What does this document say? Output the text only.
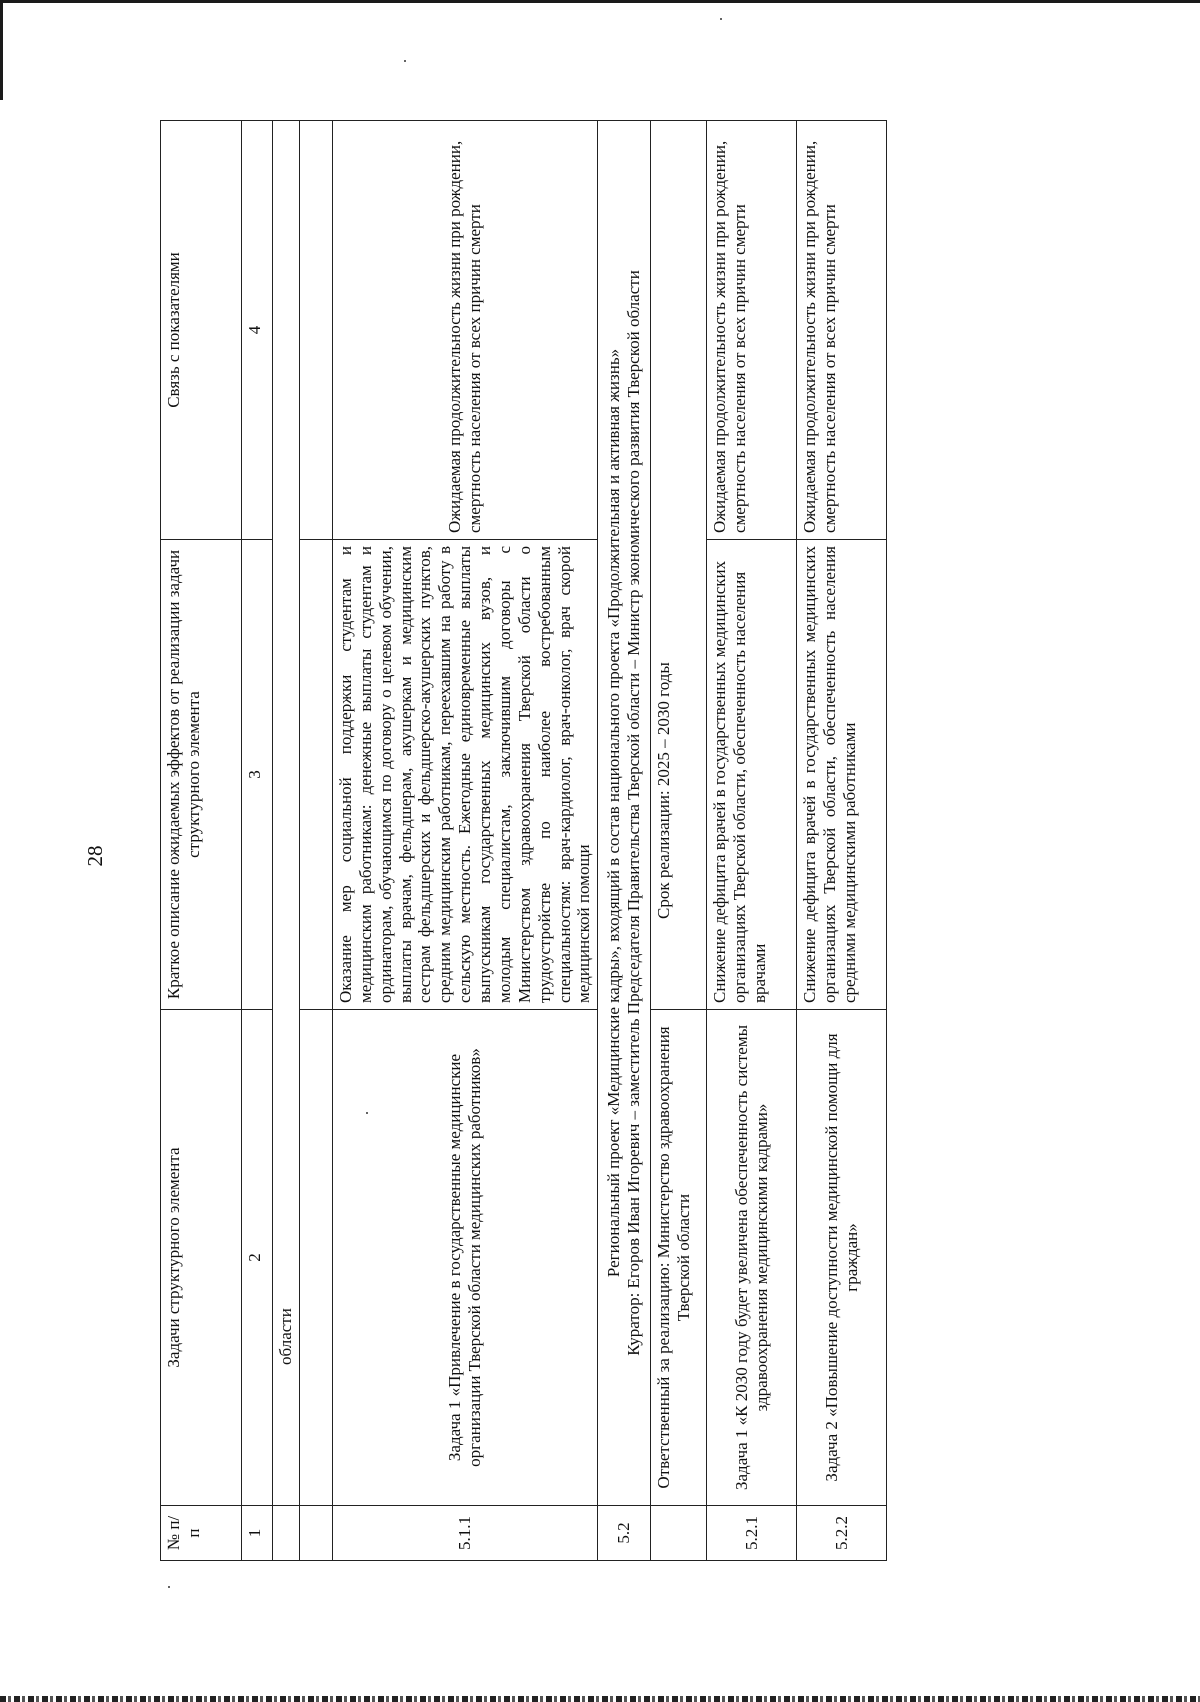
28
№ п/п	Задачи структурного элемента	Краткое описание ожидаемых эффектов от реализации задачи структурного элемента	Связь с показателями
1	2	3	4
	области		

5.1.1	Задача 1 «Привлечение в государственные медицинские организации Тверской области медицинских работников»	Оказание мер социальной поддержки студентам и медицинским работникам: денежные выплаты студентам и ординаторам, обучающимся по договору о целевом обучении, выплаты врачам, фельдшерам, акушеркам и медицинским сестрам фельдшерских и фельдшерско-акушерских пунктов, средним медицинским работникам, переехавшим на работу в сельскую местность. Ежегодные единовременные выплаты выпускникам государственных медицинских вузов, и молодым специалистам, заключившим договоры с Министерством здравоохранения Тверской области о трудоустройстве по наиболее востребованным специальностям: врач-кардиолог, врач-онколог, врач скорой медицинской помощи	Ожидаемая продолжительность жизни при рождении, смертность населения от всех причин смерти
5.2	Региональный проект «Медицинские кадры», входящий в состав национального проекта «Продолжительная и активная жизнь» Куратор: Егоров Иван Игоревич – заместитель Председателя Правительства Тверской области – Министр экономического развития Тверской области		

	Ответственный за реализацию: Министерство здравоохранения Тверской области	Срок реализации: 2025 – 2030 годы	
5.2.1	Задача 1 «К 2030 году будет увеличена обеспеченность системы здравоохранения медицинскими кадрами»	Снижение дефицита врачей в государственных медицинских организациях Тверской области, обеспеченность населения врачами	Ожидаемая продолжительность жизни при рождении, смертность населения от всех причин смерти
5.2.2	Задача 2 «Повышение доступности медицинской помощи для граждан»	Снижение дефицита врачей в государственных медицинских организациях Тверской области, обеспеченность населения средними медицинскими работниками	Ожидаемая продолжительность жизни при рождении, смертность населения от всех причин смерти
